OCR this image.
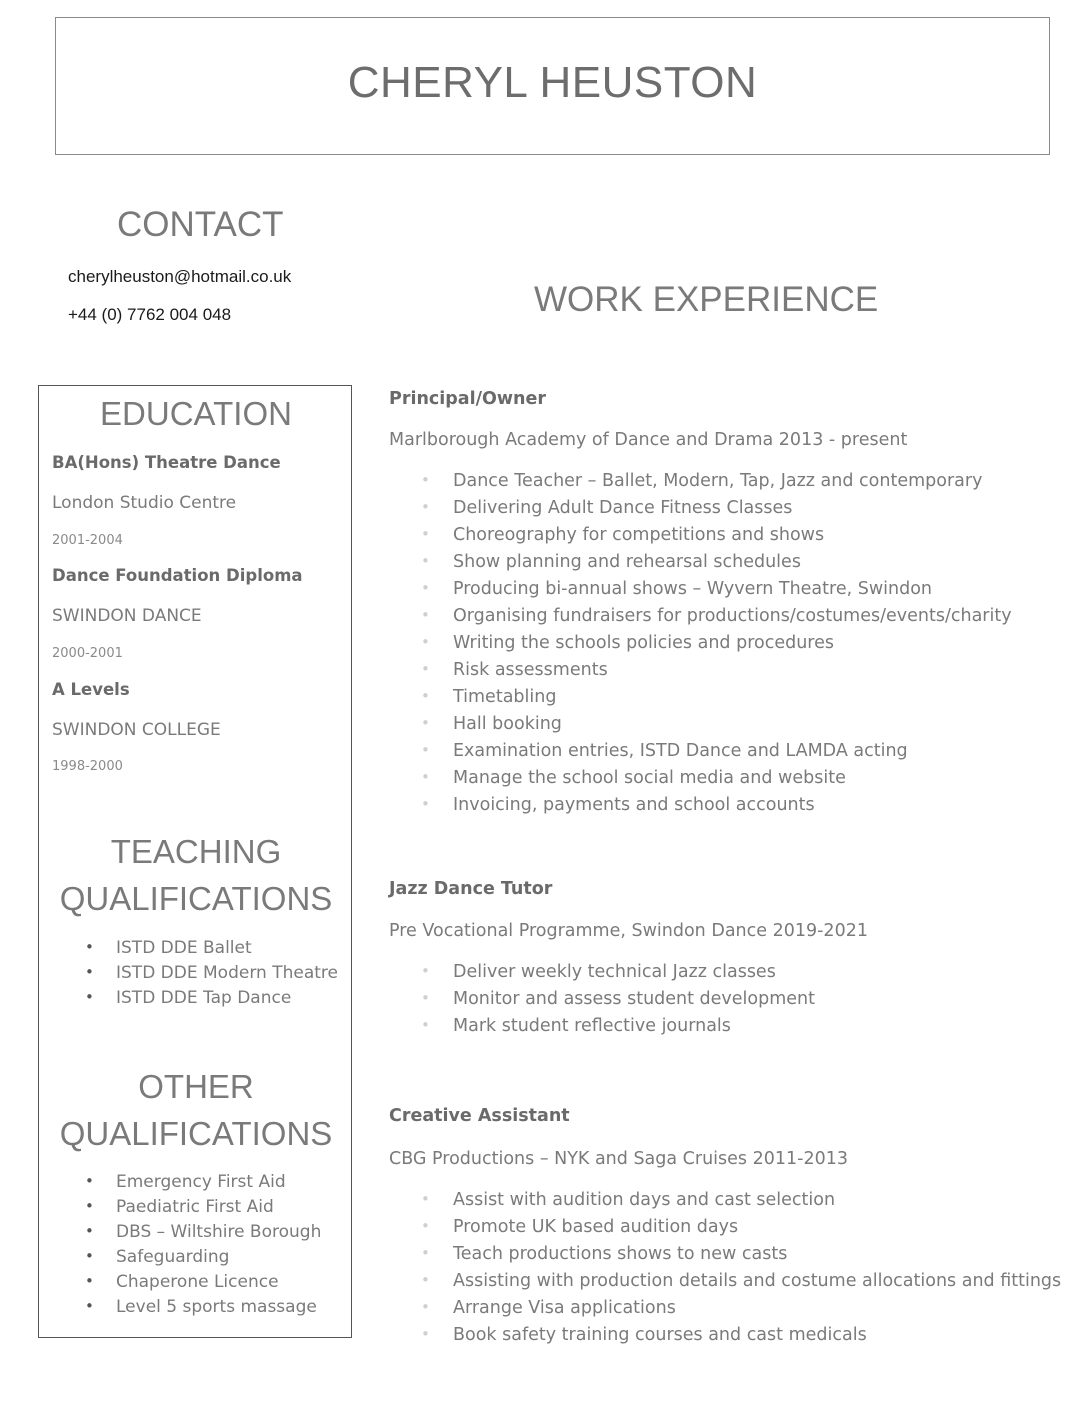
CHERYL HEUSTON
CONTACT
cherylheuston@hotmail.co.uk
+44 (0) 7762 004 048	WORK EXPERIENCE
EDUCATION
BA(Hons) Theatre Dance
London Studio Centre
2001-2004
Dance Foundation Diploma
SWINDON DANCE
2000-2001
A Levels
SWINDON COLLEGE
1998-2000
TEACHING
QUALIFICATIONS
• ISTD DDE Ballet
• ISTD DDE Modern Theatre
• ISTD DDE Tap Dance
OTHER
QUALIFICATIONS
• Emergency First Aid
• Paediatric First Aid
• DBS – Wiltshire Borough
• Safeguarding
• Chaperone Licence
• Level 5 sports massage
Principal/Owner
Marlborough Academy of Dance and Drama 2013 - present
• Dance Teacher – Ballet, Modern, Tap, Jazz and contemporary
• Delivering Adult Dance Fitness Classes
• Choreography for competitions and shows
• Show planning and rehearsal schedules
• Producing bi-annual shows – Wyvern Theatre, Swindon
• Organising fundraisers for productions/costumes/events/charity
• Writing the schools policies and procedures
• Risk assessments
• Timetabling
• Hall booking
• Examination entries, ISTD Dance and LAMDA acting
• Manage the school social media and website
• Invoicing, payments and school accounts
Jazz Dance Tutor
Pre Vocational Programme, Swindon Dance 2019-2021
• Deliver weekly technical Jazz classes
• Monitor and assess student development
• Mark student reflective journals
Creative Assistant
CBG Productions – NYK and Saga Cruises 2011-2013
• Assist with audition days and cast selection
• Promote UK based audition days
• Teach productions shows to new casts
• Assisting with production details and costume allocations and fittings
• Arrange Visa applications
• Book safety training courses and cast medicals
